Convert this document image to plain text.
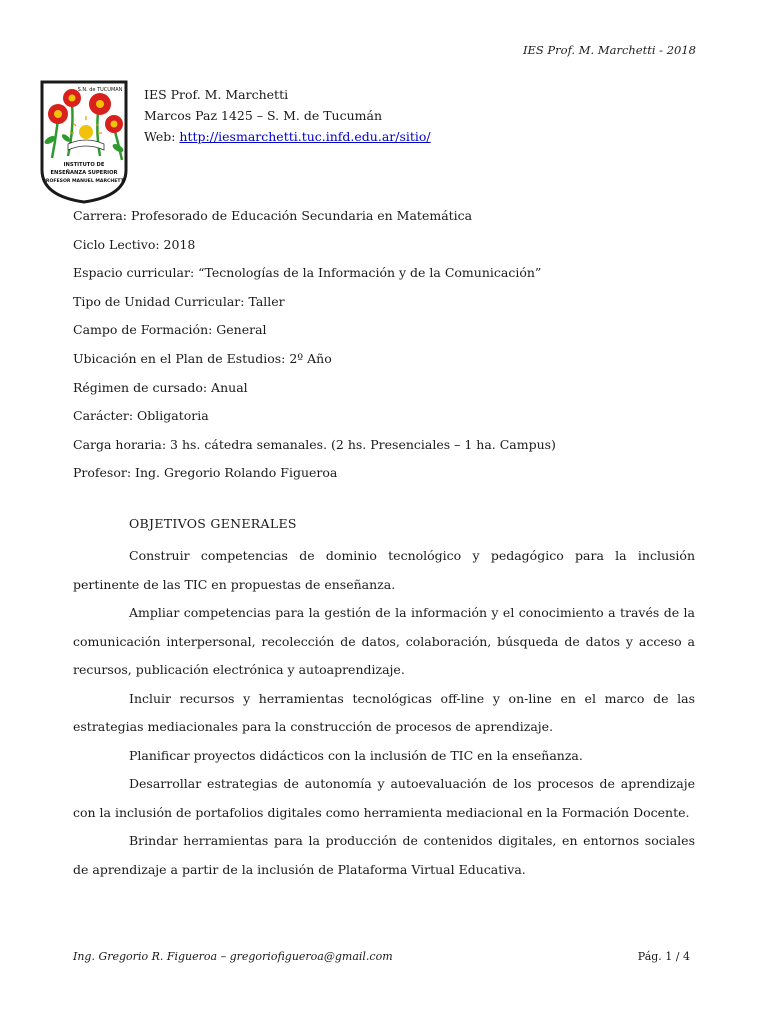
IES Prof. M. Marchetti - 2018
S.N. de TUCUMAN
INSTITUTO DE
ENSEÑANZA SUPERIOR
PROFESOR MANUEL MARCHETTI
IES Prof. M. Marchetti
Marcos Paz 1425 – S. M. de Tucumán
Web: http://iesmarchetti.tuc.infd.edu.ar/sitio/
Carrera: Profesorado de Educación Secundaria en Matemática
Ciclo Lectivo: 2018
Espacio curricular: “Tecnologías de la Información y de la Comunicación”
Tipo de Unidad Curricular: Taller
Campo de Formación: General
Ubicación en el Plan de Estudios: 2º Año
Régimen de cursado: Anual
Carácter: Obligatoria
Carga horaria: 3 hs. cátedra semanales. (2 hs. Presenciales – 1 ha. Campus)
Profesor: Ing. Gregorio Rolando Figueroa
OBJETIVOS GENERALES

Construir competencias de dominio tecnológico y pedagógico para la inclusión pertinente de las TIC en propuestas de enseñanza.

Ampliar competencias para la gestión de la información y el conocimiento a través de la comunicación interpersonal, recolección de datos, colaboración, búsqueda de datos y acceso a recursos, publicación electrónica y autoaprendizaje.

Incluir recursos y herramientas tecnológicas off-line y on-line en el marco de las estrategias mediacionales para la construcción de procesos de aprendizaje.

Planificar proyectos didácticos con la inclusión de TIC en la enseñanza.

Desarrollar estrategias de autonomía y autoevaluación de los procesos de aprendizaje con la inclusión de portafolios digitales como herramienta mediacional en la Formación Docente.

Brindar herramientas para la producción de contenidos digitales, en entornos sociales de aprendizaje a partir de la inclusión de Plataforma Virtual Educativa.

Ing. Gregorio R. Figueroa – gregoriofigueroa@gmail.com	Pág. 1 / 4
